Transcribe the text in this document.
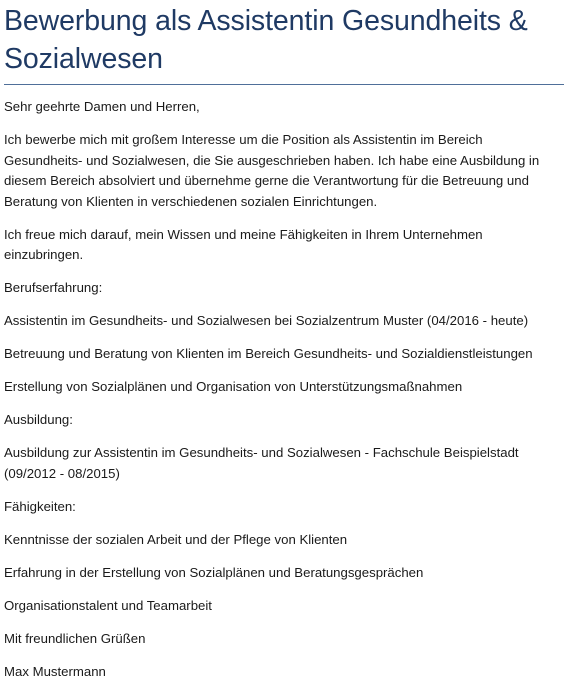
Bewerbung als Assistentin Gesundheits & Sozialwesen

Sehr geehrte Damen und Herren,

Ich bewerbe mich mit großem Interesse um die Position als Assistentin im Bereich Gesundheits- und Sozialwesen, die Sie ausgeschrieben haben. Ich habe eine Ausbildung in diesem Bereich absolviert und übernehme gerne die Verantwortung für die Betreuung und Beratung von Klienten in verschiedenen sozialen Einrichtungen.

Ich freue mich darauf, mein Wissen und meine Fähigkeiten in Ihrem Unternehmen einzubringen.

Berufserfahrung:

Assistentin im Gesundheits- und Sozialwesen bei Sozialzentrum Muster (04/2016 - heute)

Betreuung und Beratung von Klienten im Bereich Gesundheits- und Sozialdienstleistungen

Erstellung von Sozialplänen und Organisation von Unterstützungsmaßnahmen

Ausbildung:

Ausbildung zur Assistentin im Gesundheits- und Sozialwesen - Fachschule Beispielstadt (09/2012 - 08/2015)

Fähigkeiten:

Kenntnisse der sozialen Arbeit und der Pflege von Klienten

Erfahrung in der Erstellung von Sozialplänen und Beratungsgesprächen

Organisationstalent und Teamarbeit

Mit freundlichen Grüßen

Max Mustermann
